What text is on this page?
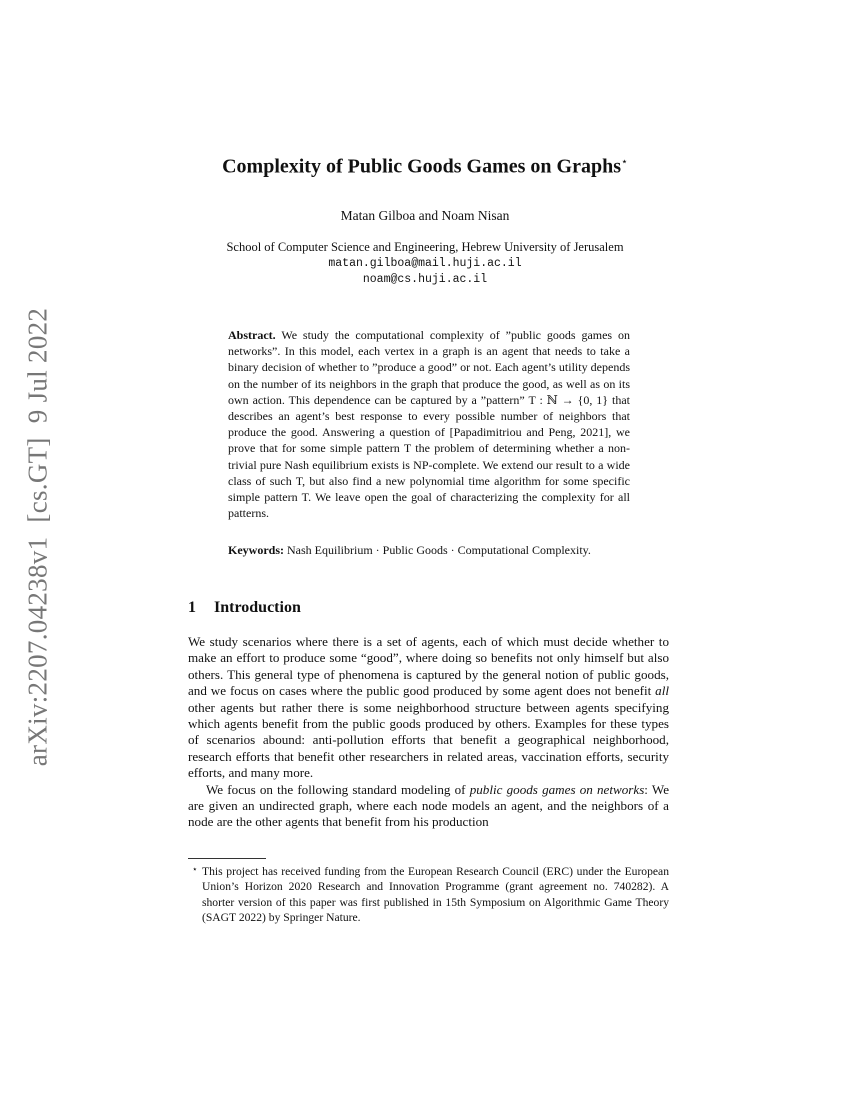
arXiv:2207.04238v1[cs.GT]9 Jul 2022
Complexity of Public Goods Games on Graphs⋆
Matan Gilboa and Noam Nisan
School of Computer Science and Engineering, Hebrew University of Jerusalem
matan.gilboa@mail.huji.ac.il
noam@cs.huji.ac.il
Abstract. We study the computational complexity of ”public goods games on networks”. In this model, each vertex in a graph is an agent that needs to take a binary decision of whether to ”produce a good” or not. Each agent’s utility depends on the number of its neighbors in the graph that produce the good, as well as on its own action. This dependence can be captured by a ”pattern” T : ℕ → {0, 1} that describes an agent’s best response to every possible number of neighbors that produce the good. Answering a question of [Papadimitriou and Peng, 2021], we prove that for some simple pattern T the problem of determining whether a non-trivial pure Nash equilibrium exists is NP-complete. We extend our result to a wide class of such T, but also find a new polynomial time algorithm for some specific simple pattern T. We leave open the goal of characterizing the complexity for all patterns.
Keywords: Nash Equilibrium · Public Goods · Computational Complexity.
1 Introduction

We study scenarios where there is a set of agents, each of which must decide whether to make an effort to produce some “good”, where doing so benefits not only himself but also others. This general type of phenomena is captured by the general notion of public goods, and we focus on cases where the public good produced by some agent does not benefit all other agents but rather there is some neighborhood structure between agents specifying which agents benefit from the public goods produced by others. Examples for these types of scenarios abound: anti-pollution efforts that benefit a geographical neighborhood, research efforts that benefit other researchers in related areas, vaccination efforts, security efforts, and many more.

We focus on the following standard modeling of public goods games on networks: We are given an undirected graph, where each node models an agent, and the neighbors of a node are the other agents that benefit from his production

⋆ This project has received funding from the European Research Council (ERC) under the European Union’s Horizon 2020 Research and Innovation Programme (grant agreement no. 740282). A shorter version of this paper was first published in 15th Symposium on Algorithmic Game Theory (SAGT 2022) by Springer Nature.
